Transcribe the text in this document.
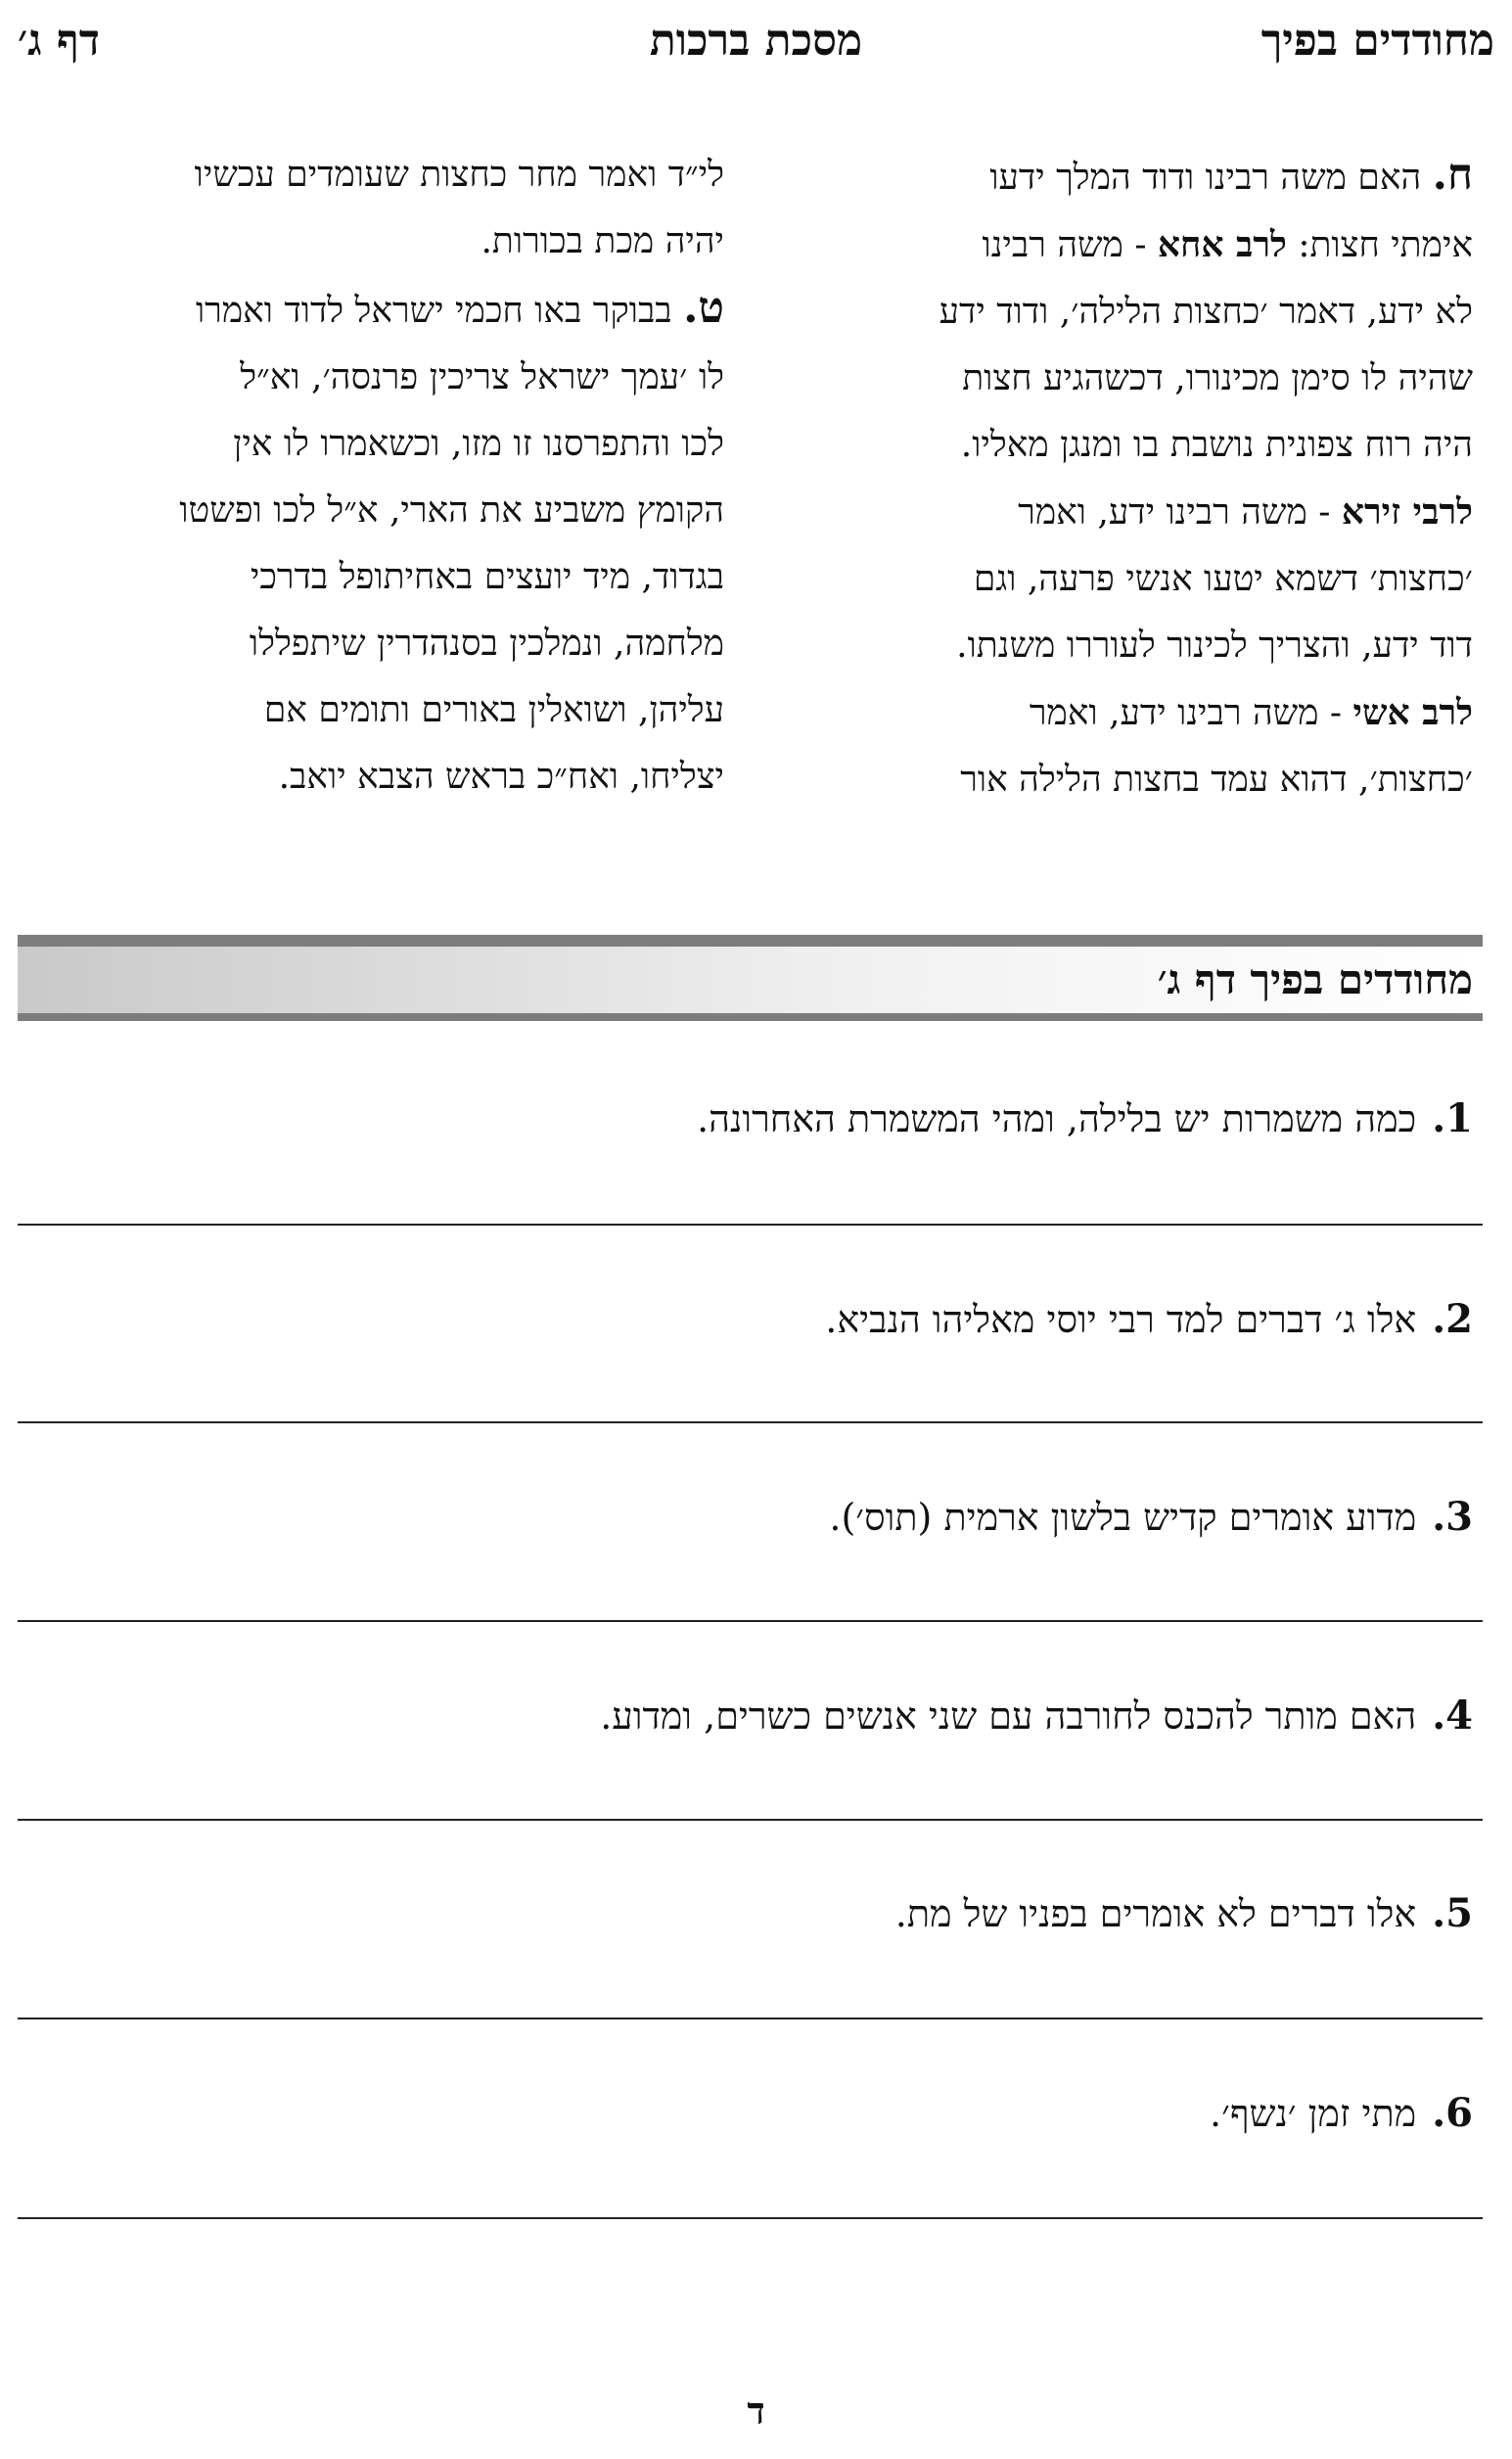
מחודדים בפיך
מסכת ברכות
דף ג׳
ח. האם משה רבינו ודוד המלך ידעו
אימתי חצות: לרב אחא - משה רבינו
לא ידע, דאמר ׳כחצות הלילה׳, ודוד ידע
שהיה לו סימן מכינורו, דכשהגיע חצות
היה רוח צפונית נושבת בו ומנגן מאליו.
לרבי זירא - משה רבינו ידע, ואמר
׳כחצות׳ דשמא יטעו אנשי פרעה, וגם
דוד ידע, והצריך לכינור לעוררו משנתו.
לרב אשי - משה רבינו ידע, ואמר
׳כחצות׳, דהוא עמד בחצות הלילה אור
לי״ד ואמר מחר כחצות שעומדים עכשיו
יהיה מכת בכורות.
ט. בבוקר באו חכמי ישראל לדוד ואמרו
לו ׳עמך ישראל צריכין פרנסה׳, וא״ל
לכו והתפרסנו זו מזו, וכשאמרו לו אין
הקומץ משביע את הארי, א״ל לכו ופשטו
בגדוד, מיד יועצים באחיתופל בדרכי
מלחמה, ונמלכין בסנהדרין שיתפללו
עליהן, ושואלין באורים ותומים אם
יצליחו, ואח״כ בראש הצבא יואב.
מחודדים בפיך דף ג׳
1.כמה משמרות יש בלילה, ומהי המשמרת האחרונה.
2.אלו ג׳ דברים למד רבי יוסי מאליהו הנביא.
3.מדוע אומרים קדיש בלשון ארמית (תוס׳).
4.האם מותר להכנס לחורבה עם שני אנשים כשרים, ומדוע.
5.אלו דברים לא אומרים בפניו של מת.
6.מתי זמן ׳נשף׳.
ד
